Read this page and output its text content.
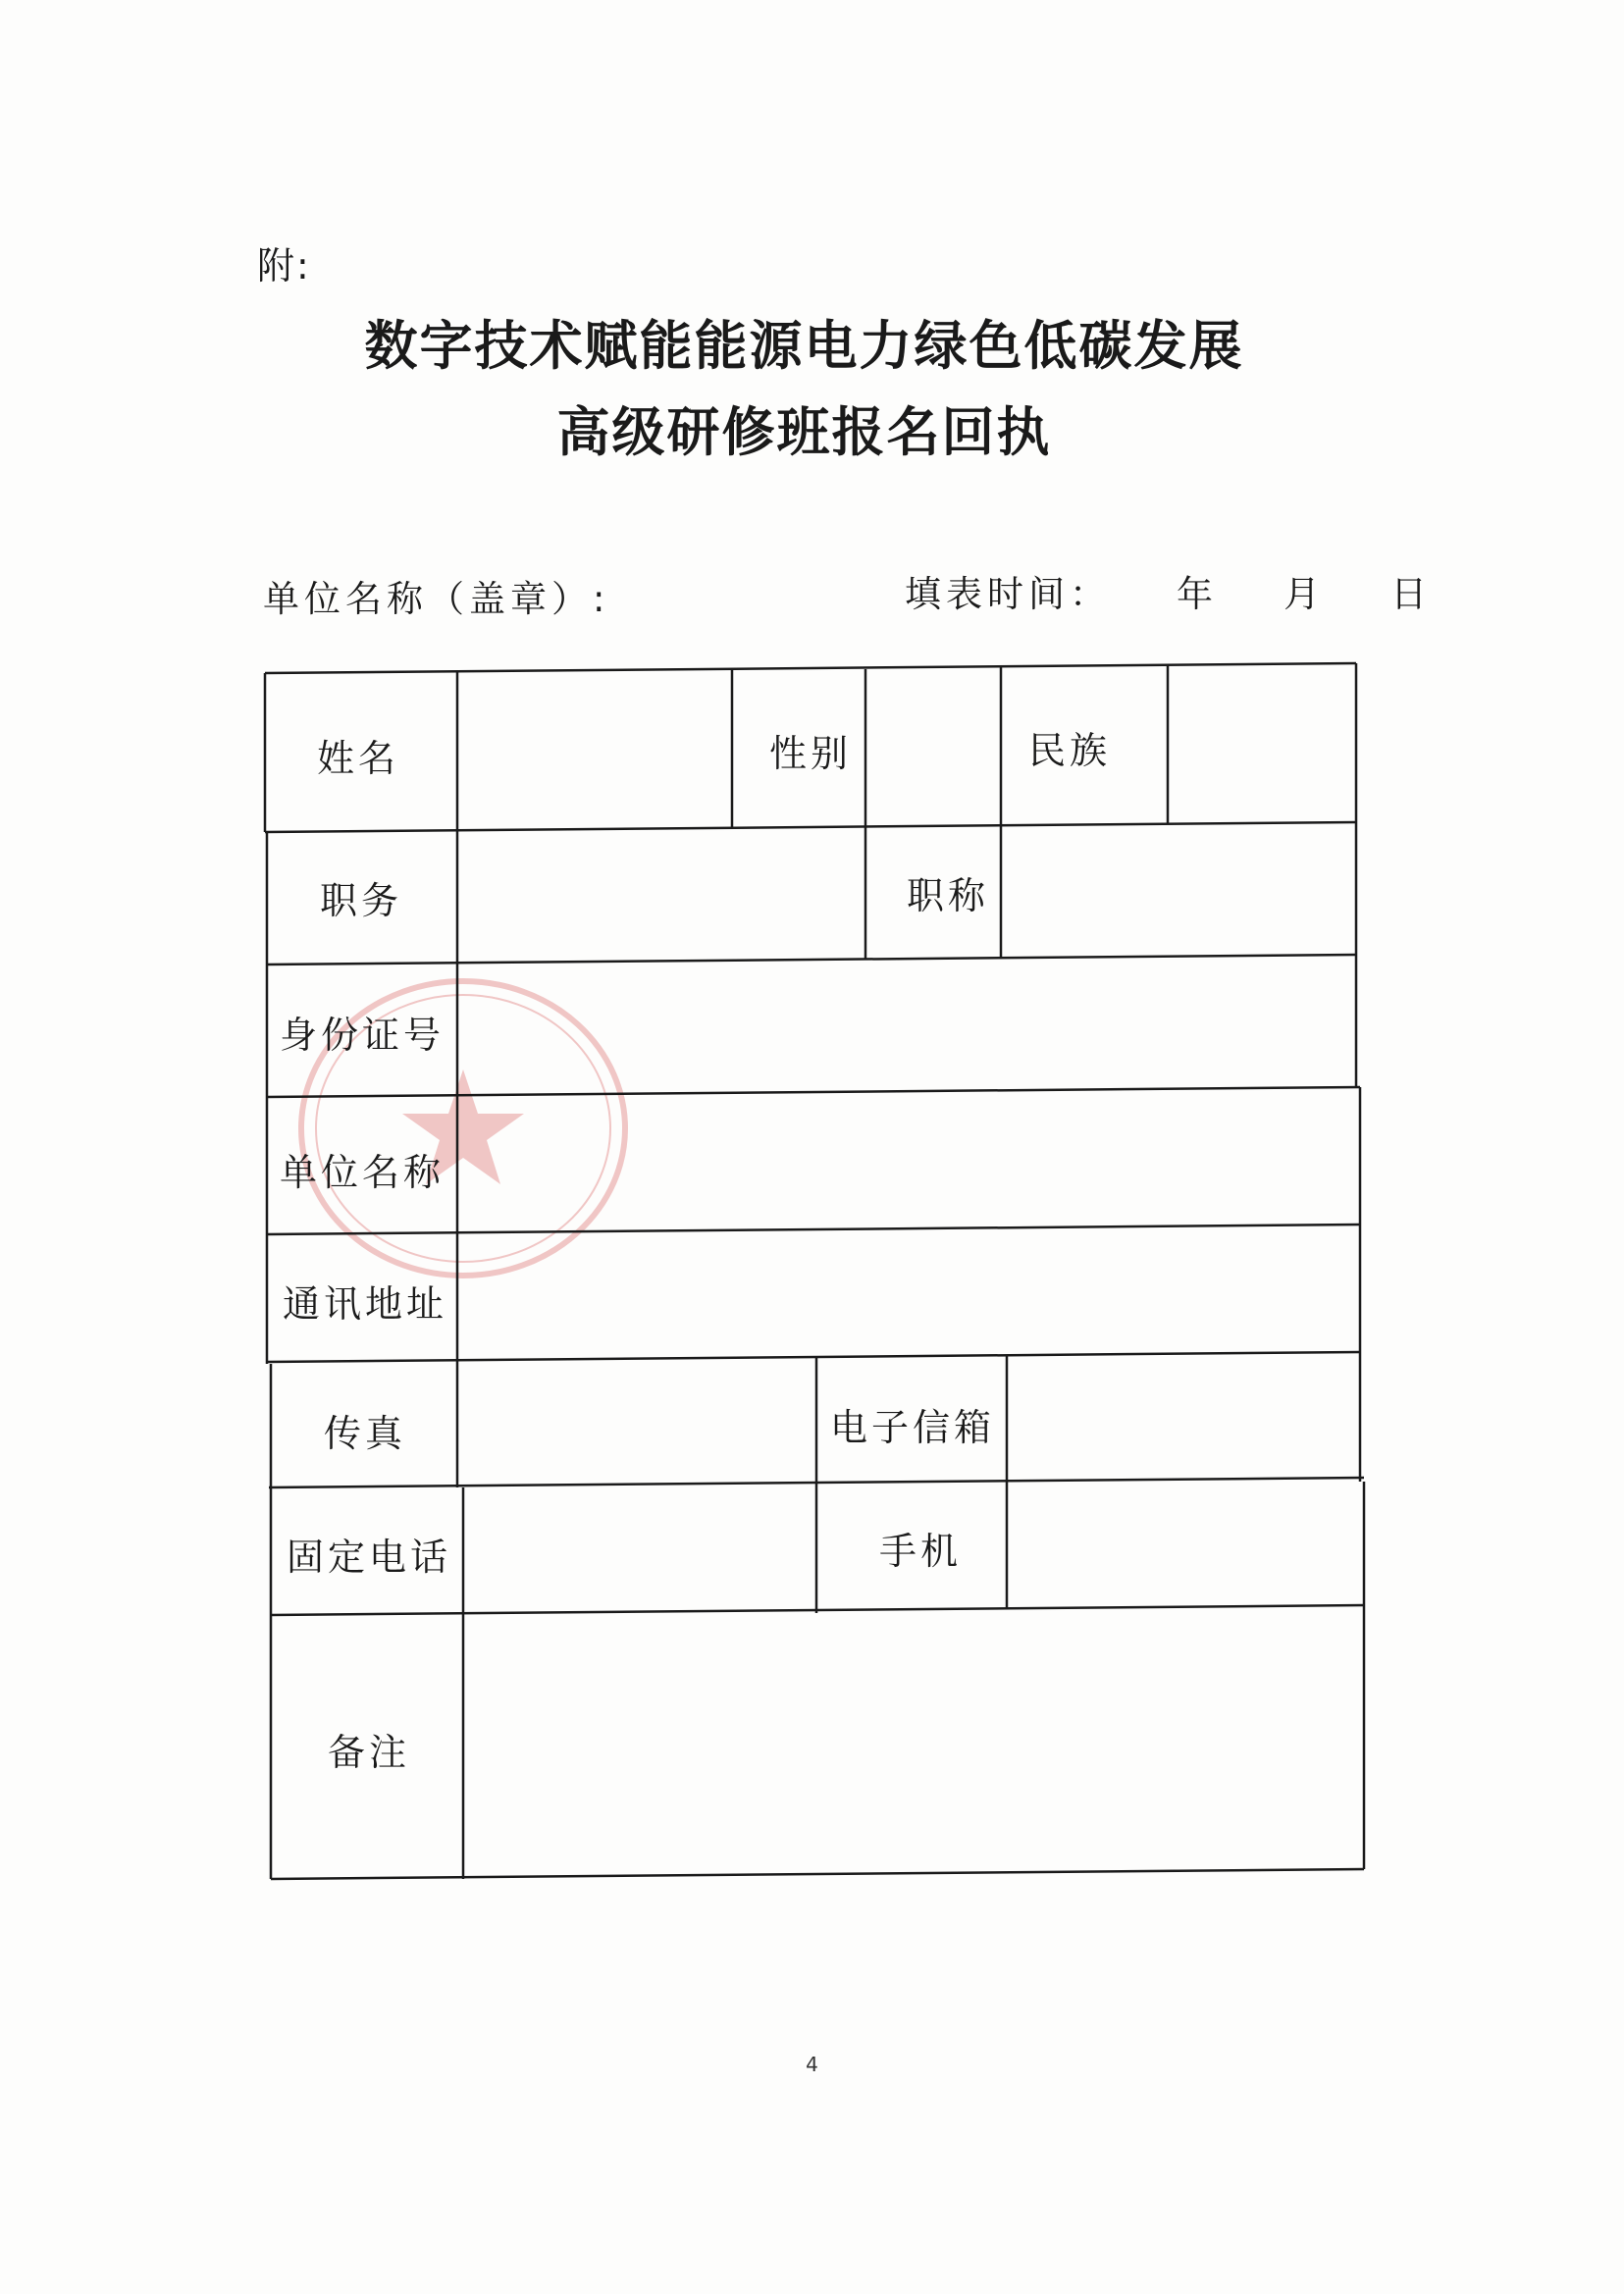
附:
数字技术赋能能源电力绿色低碳发展
高级研修班报名回执
单位名称（盖章）:	填表时间： 年 月 日
姓名	性别	民族
职务	职称
身份证号
单位名称
通讯地址
传真	电子信箱
固定电话	手机
备注
4
